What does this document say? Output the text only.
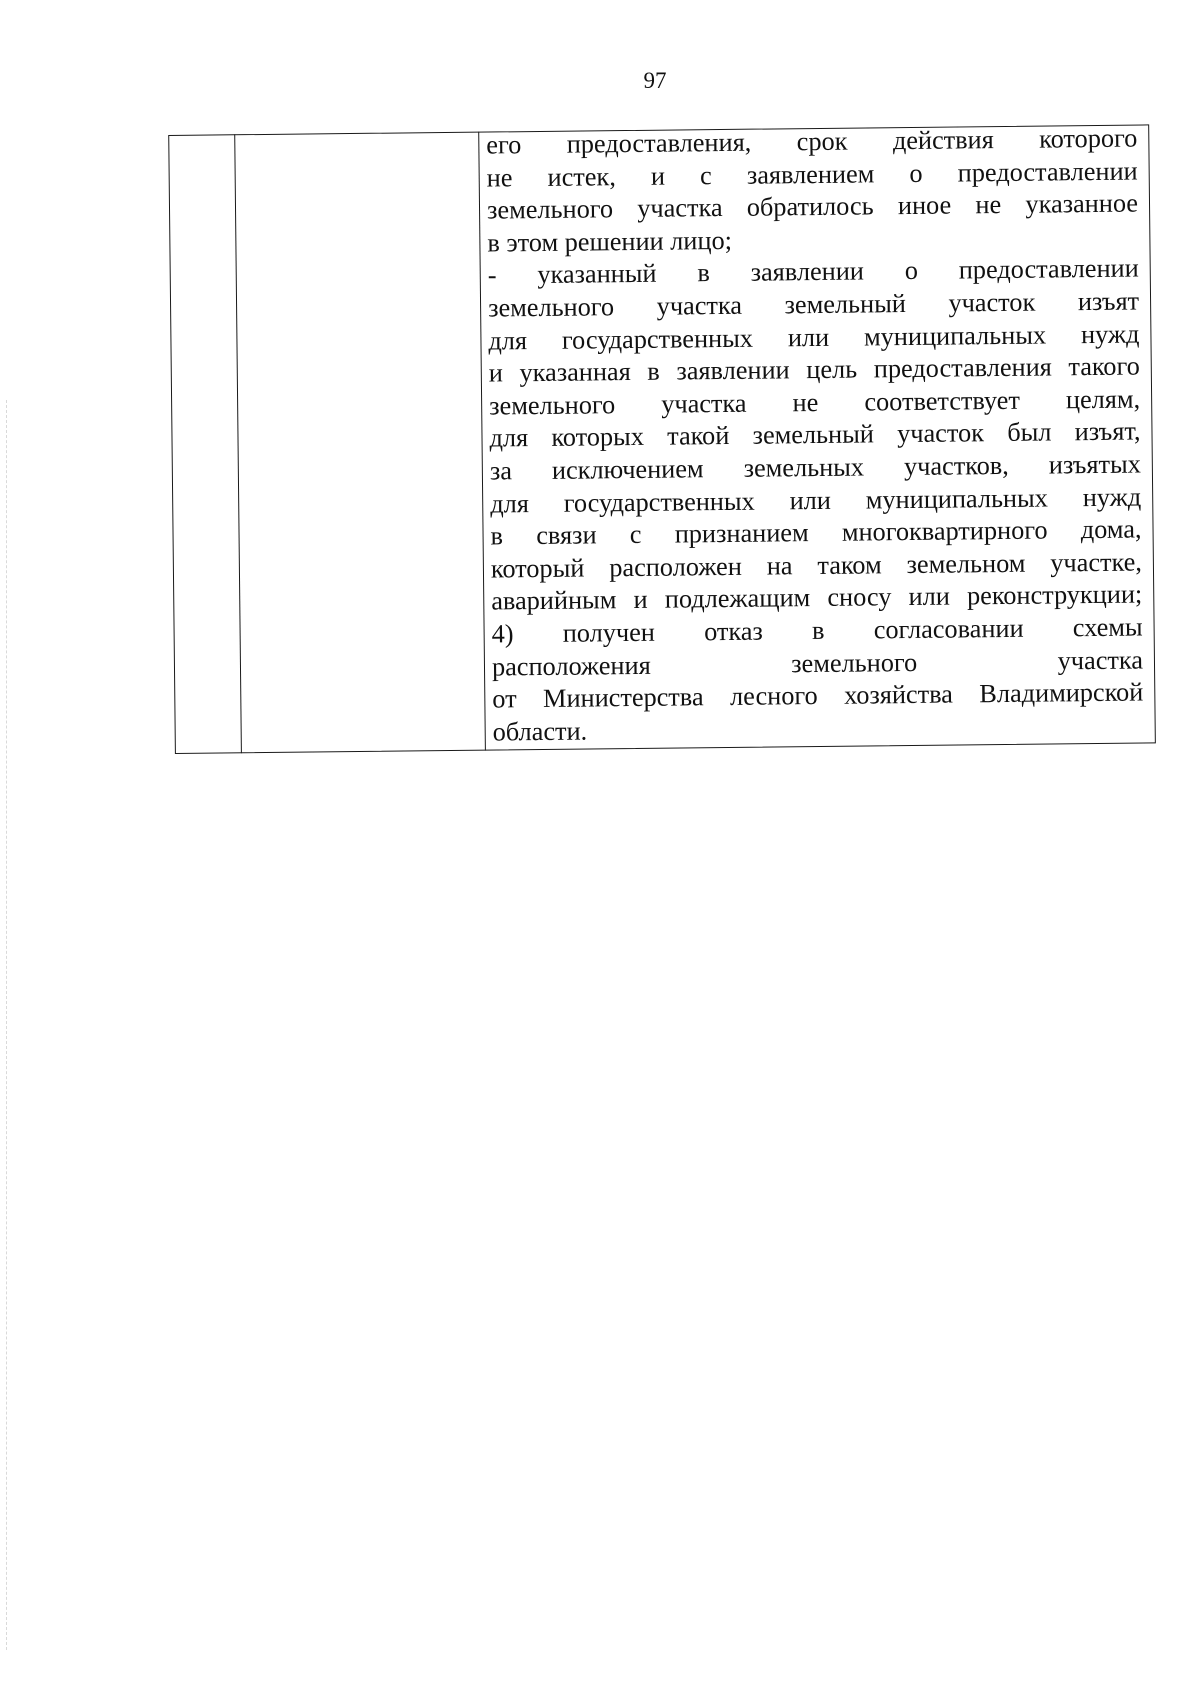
97
его предоставления, срок действия которого
не истек, и с заявлением о предоставлении
земельного участка обратилось иное не указанное
в этом решении лицо;
- указанный в заявлении о предоставлении
земельного участка земельный участок изъят
для государственных или муниципальных нужд
и указанная в заявлении цель предоставления такого
земельного участка не соответствует целям,
для которых такой земельный участок был изъят,
за исключением земельных участков, изъятых
для государственных или муниципальных нужд
в связи с признанием многоквартирного дома,
который расположен на таком земельном участке,
аварийным и подлежащим сносу или реконструкции;
4) получен отказ в согласовании схемы
расположения земельного участка
от Министерства лесного хозяйства Владимирской
области.
